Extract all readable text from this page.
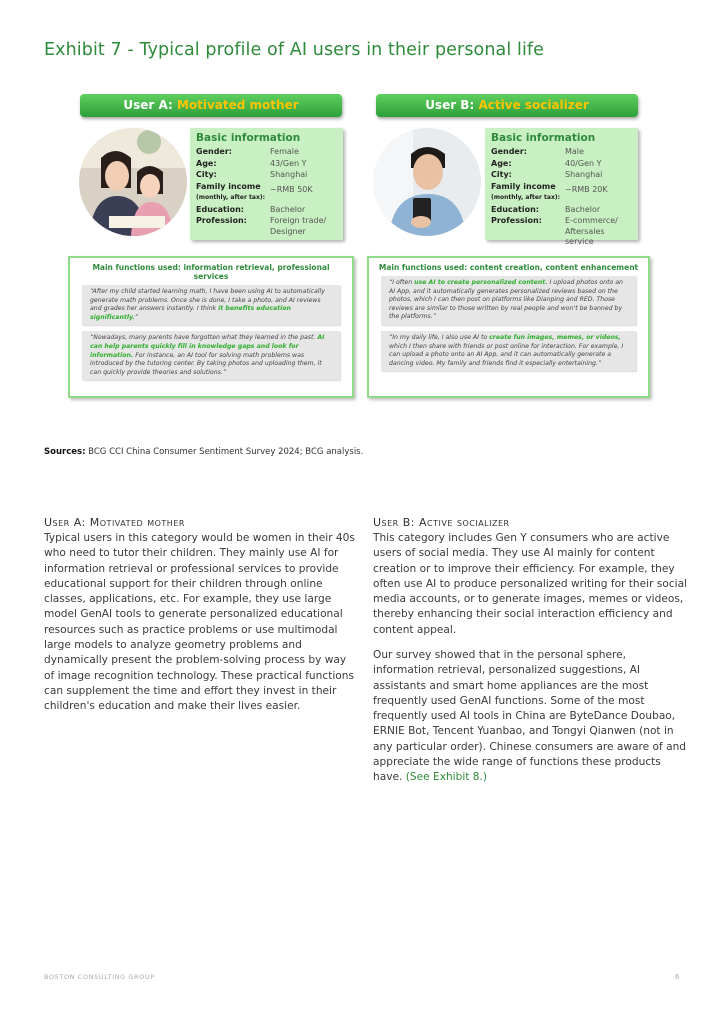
Exhibit 7 - Typical profile of AI users in their personal life
User A: Motivated mother	User B: Active socializer
Basic information
Gender:	Female
Age:	43/Gen Y
City:	Shanghai
Family income
(monthly, after tax):
~RMB 50K
Education:	Bachelor
Profession:	Foreign trade/ Designer
Basic information
Gender:	Male
Age:	40/Gen Y
City:	Shanghai
Family income
(monthly, after tax):
~RMB 20K
Education:	Bachelor
Profession:	E-commerce/ Aftersales service
Main functions used: information retrieval, professional services
“After my child started learning math, I have been using AI to automatically generate math problems. Once she is done, I take a photo, and AI reviews and grades her answers instantly. I think it benefits education significantly.”
“Nowadays, many parents have forgotten what they learned in the past. AI can help parents quickly fill in knowledge gaps and look for information. For instance, an AI tool for solving math problems was introduced by the tutoring center. By taking photos and uploading them, it can quickly provide theories and solutions.”
Main functions used: content creation, content enhancement
“I often use AI to create personalized content. I upload photos onto an AI App, and it automatically generates personalized reviews based on the photos, which I can then post on platforms like Dianping and RED. Those reviews are similar to those written by real people and won't be banned by the platforms.”
“In my daily life, I also use AI to create fun images, memes, or videos, which I then share with friends or post online for interaction. For example, I can upload a photo onto an AI App, and it can automatically generate a dancing video. My family and friends find it especially entertaining.”
Sources: BCG CCI China Consumer Sentiment Survey 2024; BCG analysis.
User A: Motivated mother
Typical users in this category would be women in their 40s who need to tutor their children. They mainly use AI for information retrieval or professional services to provide educational support for their children through online classes, applications, etc. For example, they use large model GenAI tools to generate personalized educational resources such as practice problems or use multimodal large models to analyze geometry problems and dynamically present the problem-solving process by way of image recognition technology. These practical functions can supplement the time and effort they invest in their children's education and make their lives easier.
User B: Active socializer
This category includes Gen Y consumers who are active users of social media. They use AI mainly for content creation or to improve their efficiency. For example, they often use AI to produce personalized writing for their social media accounts, or to generate images, memes or videos, thereby enhancing their social interaction efficiency and content appeal.
Our survey showed that in the personal sphere, information retrieval, personalized suggestions, AI assistants and smart home appliances are the most frequently used GenAI functions. Some of the most frequently used AI tools in China are ByteDance Doubao, ERNIE Bot, Tencent Yuanbao, and Tongyi Qianwen (not in any particular order). Chinese consumers are aware of and appreciate the wide range of functions these products have. (See Exhibit 8.)
BOSTON CONSULTING GROUP	6
